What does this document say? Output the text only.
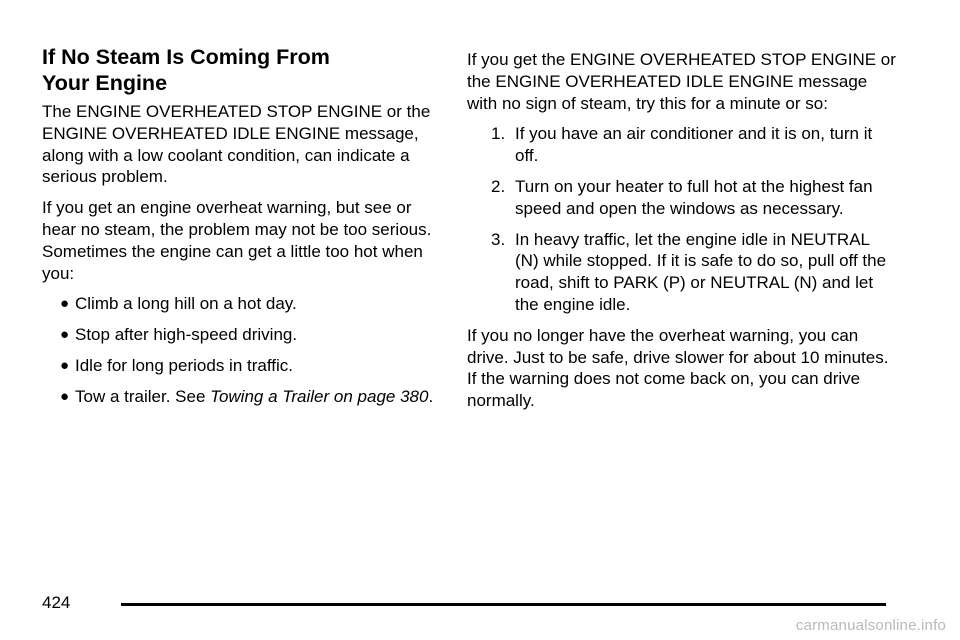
If No Steam Is Coming From
Your Engine

The ENGINE OVERHEATED STOP ENGINE or the ENGINE OVERHEATED IDLE ENGINE message, along with a low coolant condition, can indicate a serious problem.

If you get an engine overheat warning, but see or hear no steam, the problem may not be too serious. Sometimes the engine can get a little too hot when you:

● Climb a long hill on a hot day.
● Stop after high-speed driving.
● Idle for long periods in traffic.
● Tow a trailer. See Towing a Trailer on page 380.

If you get the ENGINE OVERHEATED STOP ENGINE or the ENGINE OVERHEATED IDLE ENGINE message with no sign of steam, try this for a minute or so:

1. If you have an air conditioner and it is on, turn it off.
2. Turn on your heater to full hot at the highest fan speed and open the windows as necessary.
3. In heavy traffic, let the engine idle in NEUTRAL (N) while stopped. If it is safe to do so, pull off the road, shift to PARK (P) or NEUTRAL (N) and let the engine idle.

If you no longer have the overheat warning, you can drive. Just to be safe, drive slower for about 10 minutes. If the warning does not come back on, you can drive normally.

424
carmanualsonline.info
